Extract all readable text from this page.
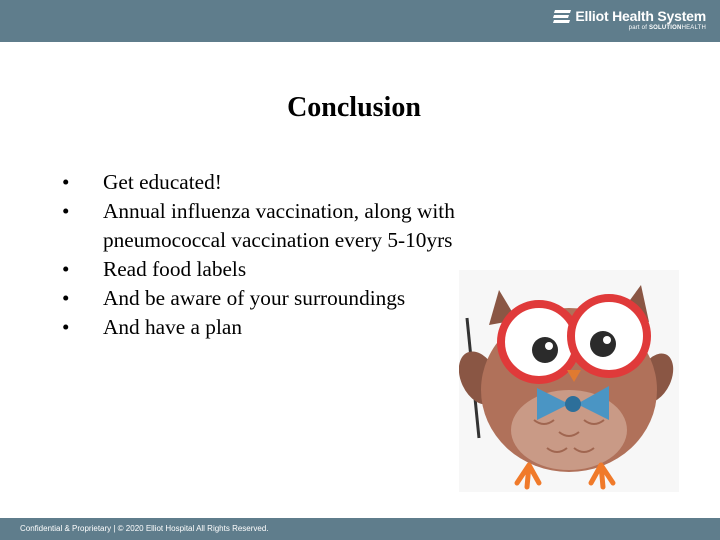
Elliot Health System
part of SOLUTIONHEALTH
Conclusion
• Get educated!
• Annual influenza vaccination, along with pneumococcal vaccination every 5-10yrs
• Read food labels
• And be aware of your surroundings
• And have a plan
Confidential & Proprietary | © 2020 Elliot Hospital All Rights Reserved.
